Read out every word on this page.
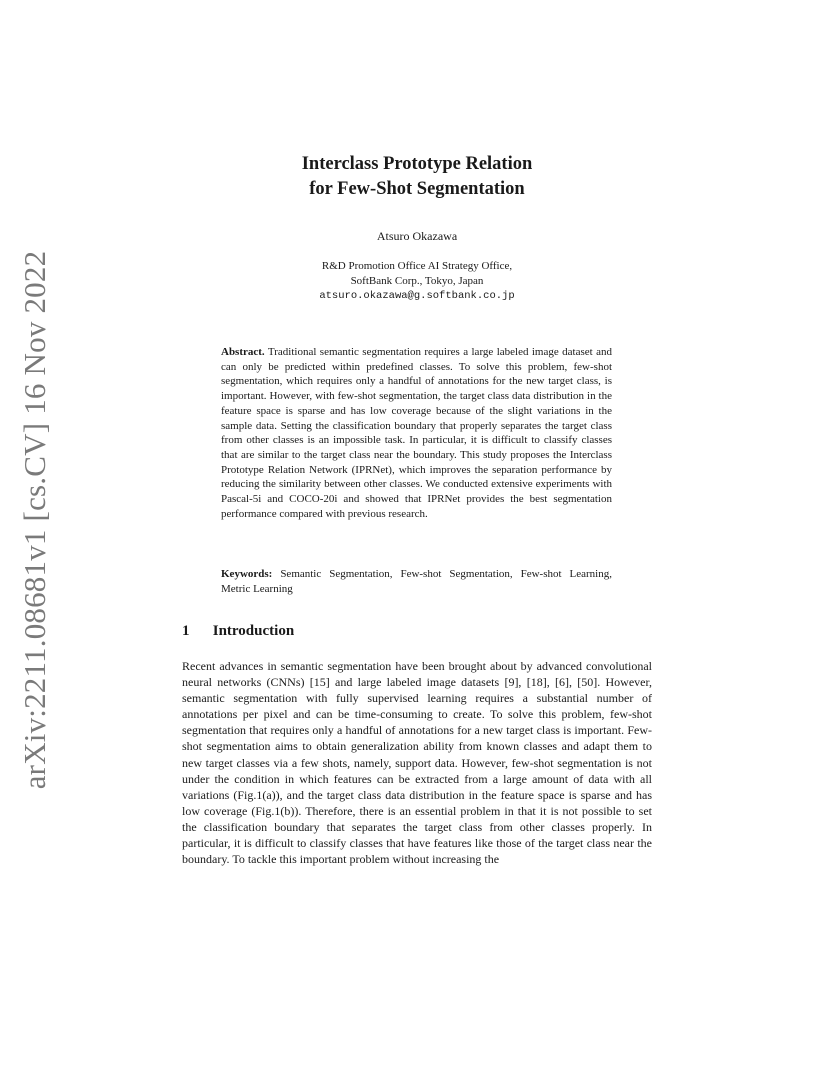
arXiv:2211.08681v1 [cs.CV] 16 Nov 2022
Interclass Prototype Relation
for Few-Shot Segmentation
Atsuro Okazawa
R&D Promotion Office AI Strategy Office,
SoftBank Corp., Tokyo, Japan
atsuro.okazawa@g.softbank.co.jp
Abstract. Traditional semantic segmentation requires a large labeled image dataset and can only be predicted within predefined classes. To solve this problem, few-shot segmentation, which requires only a handful of annotations for the new target class, is important. However, with few-shot segmentation, the target class data distribution in the feature space is sparse and has low coverage because of the slight variations in the sample data. Setting the classification boundary that properly separates the target class from other classes is an impossible task. In particular, it is difficult to classify classes that are similar to the target class near the boundary. This study proposes the Interclass Prototype Relation Network (IPRNet), which improves the separation performance by reducing the similarity between other classes. We conducted extensive experiments with Pascal-5i and COCO-20i and showed that IPRNet provides the best segmentation performance compared with previous research.
Keywords: Semantic Segmentation, Few-shot Segmentation, Few-shot Learning, Metric Learning
1 Introduction
Recent advances in semantic segmentation have been brought about by advanced convolutional neural networks (CNNs) [15] and large labeled image datasets [9], [18], [6], [50]. However, semantic segmentation with fully supervised learning requires a substantial number of annotations per pixel and can be time-consuming to create. To solve this problem, few-shot segmentation that requires only a handful of annotations for a new target class is important. Few-shot segmentation aims to obtain generalization ability from known classes and adapt them to new target classes via a few shots, namely, support data. However, few-shot segmentation is not under the condition in which features can be extracted from a large amount of data with all variations (Fig.1(a)), and the target class data distribution in the feature space is sparse and has low coverage (Fig.1(b)). Therefore, there is an essential problem in that it is not possible to set the classification boundary that separates the target class from other classes properly. In particular, it is difficult to classify classes that have features like those of the target class near the boundary. To tackle this important problem without increasing the
